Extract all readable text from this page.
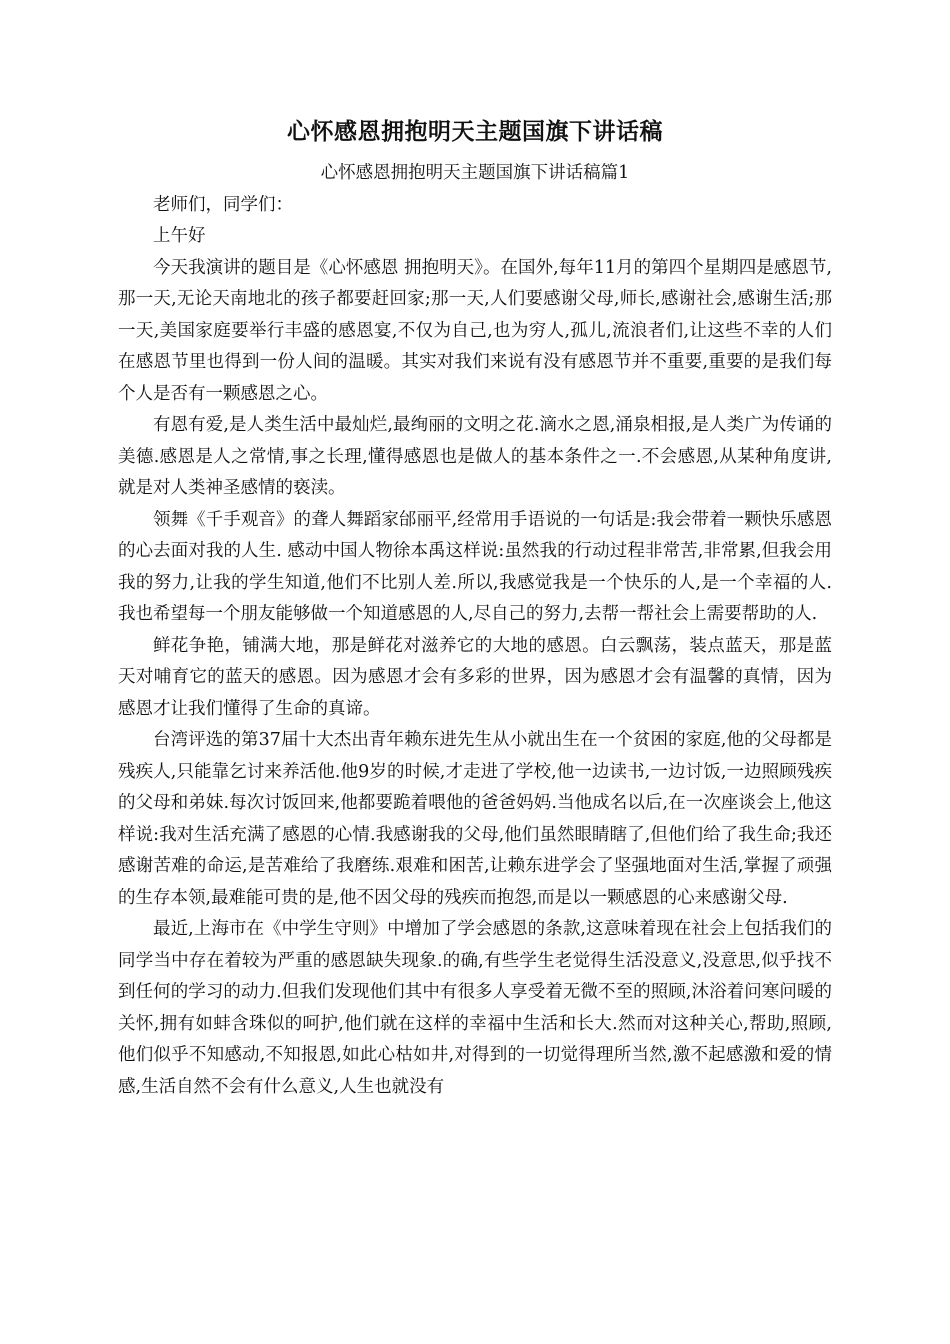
心怀感恩拥抱明天主题国旗下讲话稿
心怀感恩拥抱明天主题国旗下讲话稿篇1

老师们，同学们：

上午好

今天我演讲的题目是《心怀感恩 拥抱明天》。在国外,每年11月的第四个星期四是感恩节,那一天,无论天南地北的孩子都要赶回家;那一天,人们要感谢父母,师长,感谢社会,感谢生活;那一天,美国家庭要举行丰盛的感恩宴,不仅为自己,也为穷人,孤儿,流浪者们,让这些不幸的人们在感恩节里也得到一份人间的温暖。其实对我们来说有没有感恩节并不重要,重要的是我们每个人是否有一颗感恩之心。

有恩有爱,是人类生活中最灿烂,最绚丽的文明之花.滴水之恩,涌泉相报,是人类广为传诵的美德.感恩是人之常情,事之长理,懂得感恩也是做人的基本条件之一.不会感恩,从某种角度讲,就是对人类神圣感情的亵渎。

领舞《千手观音》的聋人舞蹈家邰丽平,经常用手语说的一句话是:我会带着一颗快乐感恩的心去面对我的人生. 感动中国人物徐本禹这样说:虽然我的行动过程非常苦,非常累,但我会用我的努力,让我的学生知道,他们不比别人差.所以,我感觉我是一个快乐的人,是一个幸福的人.我也希望每一个朋友能够做一个知道感恩的人,尽自己的努力,去帮一帮社会上需要帮助的人.

鲜花争艳，铺满大地，那是鲜花对滋养它的大地的感恩。白云飘荡，装点蓝天，那是蓝天对哺育它的蓝天的感恩。因为感恩才会有多彩的世界，因为感恩才会有温馨的真情，因为感恩才让我们懂得了生命的真谛。

台湾评选的第37届十大杰出青年赖东进先生从小就出生在一个贫困的家庭,他的父母都是残疾人,只能靠乞讨来养活他.他9岁的时候,才走进了学校,他一边读书,一边讨饭,一边照顾残疾的父母和弟妹.每次讨饭回来,他都要跪着喂他的爸爸妈妈.当他成名以后,在一次座谈会上,他这样说:我对生活充满了感恩的心情.我感谢我的父母,他们虽然眼睛瞎了,但他们给了我生命;我还感谢苦难的命运,是苦难给了我磨练.艰难和困苦,让赖东进学会了坚强地面对生活,掌握了顽强的生存本领,最难能可贵的是,他不因父母的残疾而抱怨,而是以一颗感恩的心来感谢父母.

最近,上海市在《中学生守则》中增加了学会感恩的条款,这意味着现在社会上包括我们的同学当中存在着较为严重的感恩缺失现象.的确,有些学生老觉得生活没意义,没意思,似乎找不到任何的学习的动力.但我们发现他们其中有很多人享受着无微不至的照顾,沐浴着问寒问暖的关怀,拥有如蚌含珠似的呵护,他们就在这样的幸福中生活和长大.然而对这种关心,帮助,照顾,他们似乎不知感动,不知报恩,如此心枯如井,对得到的一切觉得理所当然,激不起感激和爱的情感,生活自然不会有什么意义,人生也就没有
